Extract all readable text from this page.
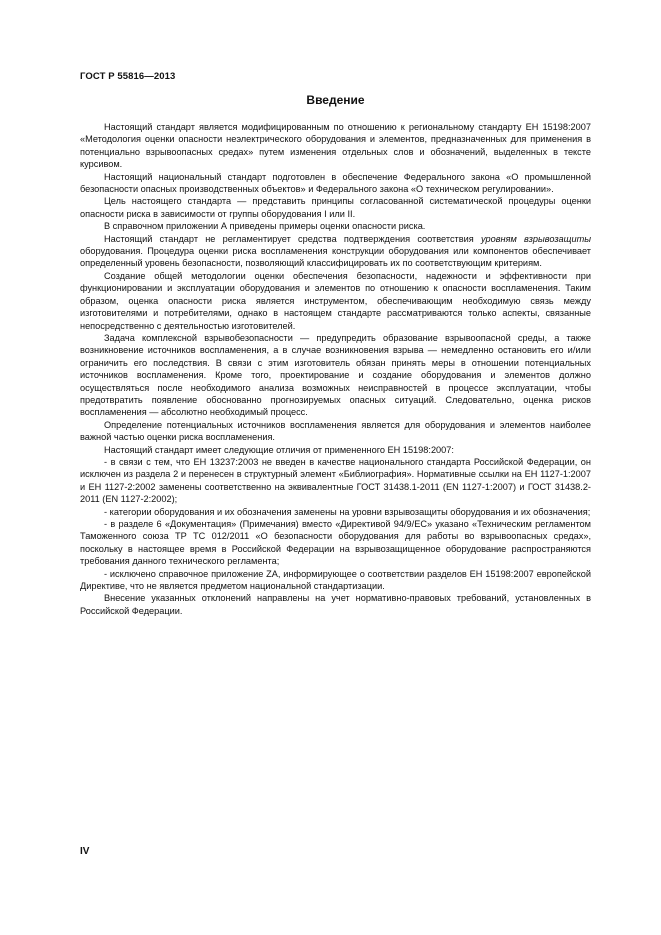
ГОСТ Р 55816—2013
Введение

Настоящий стандарт является модифицированным по отношению к региональному стандарту ЕН 15198:2007 «Методология оценки опасности неэлектрического оборудования и элементов, предназначенных для применения в потенциально взрывоопасных средах» путем изменения отдельных слов и обозначений, выделенных в тексте курсивом.

Настоящий национальный стандарт подготовлен в обеспечение Федерального закона «О промышленной безопасности опасных производственных объектов» и Федерального закона «О техническом регулировании».

Цель настоящего стандарта — представить принципы согласованной систематической процедуры оценки опасности риска в зависимости от группы оборудования I или II.

В справочном приложении А приведены примеры оценки опасности риска.

Настоящий стандарт не регламентирует средства подтверждения соответствия уровням взрывозащиты оборудования. Процедура оценки риска воспламенения конструкции оборудования или компонентов обеспечивает определенный уровень безопасности, позволяющий классифицировать их по соответствующим критериям.

Создание общей методологии оценки обеспечения безопасности, надежности и эффективности при функционировании и эксплуатации оборудования и элементов по отношению к опасности воспламенения. Таким образом, оценка опасности риска является инструментом, обеспечивающим необходимую связь между изготовителями и потребителями, однако в настоящем стандарте рассматриваются только аспекты, связанные непосредственно с деятельностью изготовителей.

Задача комплексной взрывобезопасности — предупредить образование взрывоопасной среды, а также возникновение источников воспламенения, а в случае возникновения взрыва — немедленно остановить его и/или ограничить его последствия. В связи с этим изготовитель обязан принять меры в отношении потенциальных источников воспламенения. Кроме того, проектирование и создание оборудования и элементов должно осуществляться после необходимого анализа возможных неисправностей в процессе эксплуатации, чтобы предотвратить появление обоснованно прогнозируемых опасных ситуаций. Следовательно, оценка рисков воспламенения — абсолютно необходимый процесс.

Определение потенциальных источников воспламенения является для оборудования и элементов наиболее важной частью оценки риска воспламенения.

Настоящий стандарт имеет следующие отличия от примененного ЕН 15198:2007:

- в связи с тем, что ЕН 13237:2003 не введен в качестве национального стандарта Российской Федерации, он исключен из раздела 2 и перенесен в структурный элемент «Библиография». Нормативные ссылки на ЕН 1127-1:2007 и ЕН 1127-2:2002 заменены соответственно на эквивалентные ГОСТ 31438.1-2011 (EN 1127-1:2007) и ГОСТ 31438.2-2011 (EN 1127-2:2002);

- категории оборудования и их обозначения заменены на уровни взрывозащиты оборудования и их обозначения;

- в разделе 6 «Документация» (Примечания) вместо «Директивой 94/9/ЕС» указано «Техническим регламентом Таможенного союза ТР ТС 012/2011 «О безопасности оборудования для работы во взрывоопасных средах», поскольку в настоящее время в Российской Федерации на взрывозащищенное оборудование распространяются требования данного технического регламента;

- исключено справочное приложение ZA, информирующее о соответствии разделов ЕН 15198:2007 европейской Директиве, что не является предметом национальной стандартизации.

Внесение указанных отклонений направлены на учет нормативно-правовых требований, установленных в Российской Федерации.

IV
